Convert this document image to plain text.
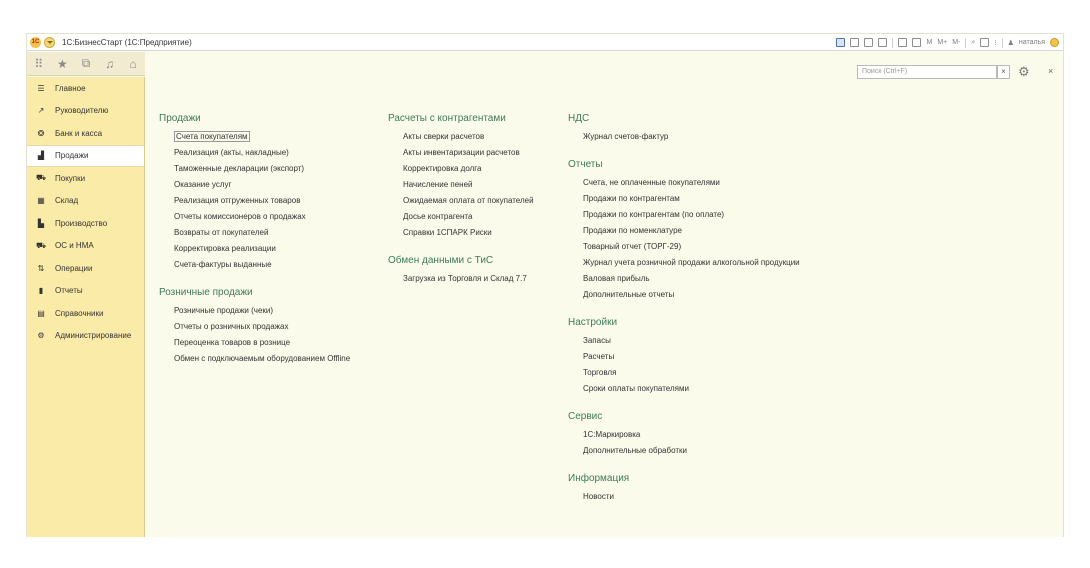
1С	1С:БизнесСтарт (1С:Предприятие)	M M+ M- ⌕	⁝ ♟ наталья
⠿	★	⧉	♫	⌂
☰	Главное
↗	Руководителю
❂	Банк и касса
▟	Продажи
⛟ Покупки
▦ Склад
▙	Производство
⛟ ОС и НМА
⇅	Операции
▮	Отчеты
▤ Справочники
⚙	Администрирование
Поиск (Ctrl+F)	× ⚙ ×
Продажи
Счета покупателям
Реализация (акты, накладные)
Таможенные декларации (экспорт)
Оказание услуг
Реализация отгруженных товаров
Отчеты комиссионеров о продажах
Возвраты от покупателей
Корректировка реализации
Счета-фактуры выданные
Розничные продажи
Розничные продажи (чеки)
Отчеты о розничных продажах
Переоценка товаров в рознице
Обмен с подключаемым оборудованием Offline
Расчеты с контрагентами
Акты сверки расчетов
Акты инвентаризации расчетов
Корректировка долга
Начисление пеней
Ожидаемая оплата от покупателей
Досье контрагента
Справки 1СПАРК Риски
Обмен данными с ТиС
Загрузка из Торговля и Склад 7.7
НДС
Журнал счетов-фактур
Отчеты
Счета, не оплаченные покупателями
Продажи по контрагентам
Продажи по контрагентам (по оплате)
Продажи по номенклатуре
Товарный отчет (ТОРГ-29)
Журнал учета розничной продажи алкогольной продукции
Валовая прибыль
Дополнительные отчеты
Настройки
Запасы
Расчеты
Торговля
Сроки оплаты покупателями
Сервис
1С:Маркировка
Дополнительные обработки
Информация
Новости
